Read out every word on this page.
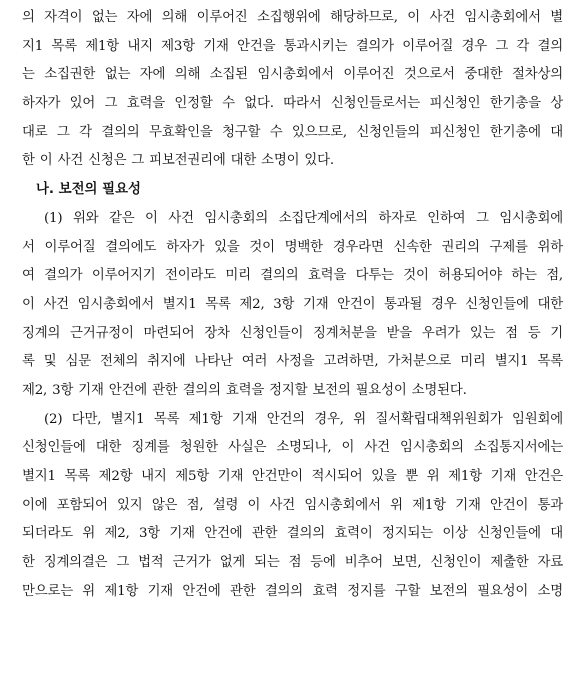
의 자격이 없는 자에 의해 이루어진 소집행위에 해당하므로, 이 사건 임시총회에서 별
지1 목록 제1항 내지 제3항 기재 안건을 통과시키는 결의가 이루어질 경우 그 각 결의
는 소집권한 없는 자에 의해 소집된 임시총회에서 이루어진 것으로서 중대한 절차상의
하자가 있어 그 효력을 인정할 수 없다. 따라서 신청인들로서는 피신청인 한기총을 상
대로 그 각 결의의 무효확인을 청구할 수 있으므로, 신청인들의 피신청인 한기총에 대
한 이 사건 신청은 그 피보전권리에 대한 소명이 있다.
나. 보전의 필요성
(1) 위와 같은 이 사건 임시총회의 소집단계에서의 하자로 인하여 그 임시총회에
서 이루어질 결의에도 하자가 있을 것이 명백한 경우라면 신속한 권리의 구제를 위하
여 결의가 이루어지기 전이라도 미리 결의의 효력을 다투는 것이 허용되어야 하는 점,
이 사건 임시총회에서 별지1 목록 제2, 3항 기재 안건이 통과될 경우 신청인들에 대한
징계의 근거규정이 마련되어 장차 신청인들이 징계처분을 받을 우려가 있는 점 등 기
록 및 심문 전체의 취지에 나타난 여러 사정을 고려하면, 가처분으로 미리 별지1 목록
제2, 3항 기재 안건에 관한 결의의 효력을 정지할 보전의 필요성이 소명된다.
(2) 다만, 별지1 목록 제1항 기재 안건의 경우, 위 질서확립대책위원회가 임원회에
신청인들에 대한 징계를 청원한 사실은 소명되나, 이 사건 임시총회의 소집통지서에는
별지1 목록 제2항 내지 제5항 기재 안건만이 적시되어 있을 뿐 위 제1항 기재 안건은
이에 포함되어 있지 않은 점, 설령 이 사건 임시총회에서 위 제1항 기재 안건이 통과
되더라도 위 제2, 3항 기재 안건에 관한 결의의 효력이 정지되는 이상 신청인들에 대
한 징계의결은 그 법적 근거가 없게 되는 점 등에 비추어 보면, 신청인이 제출한 자료
만으로는 위 제1항 기재 안건에 관한 결의의 효력 정지를 구할 보전의 필요성이 소명
